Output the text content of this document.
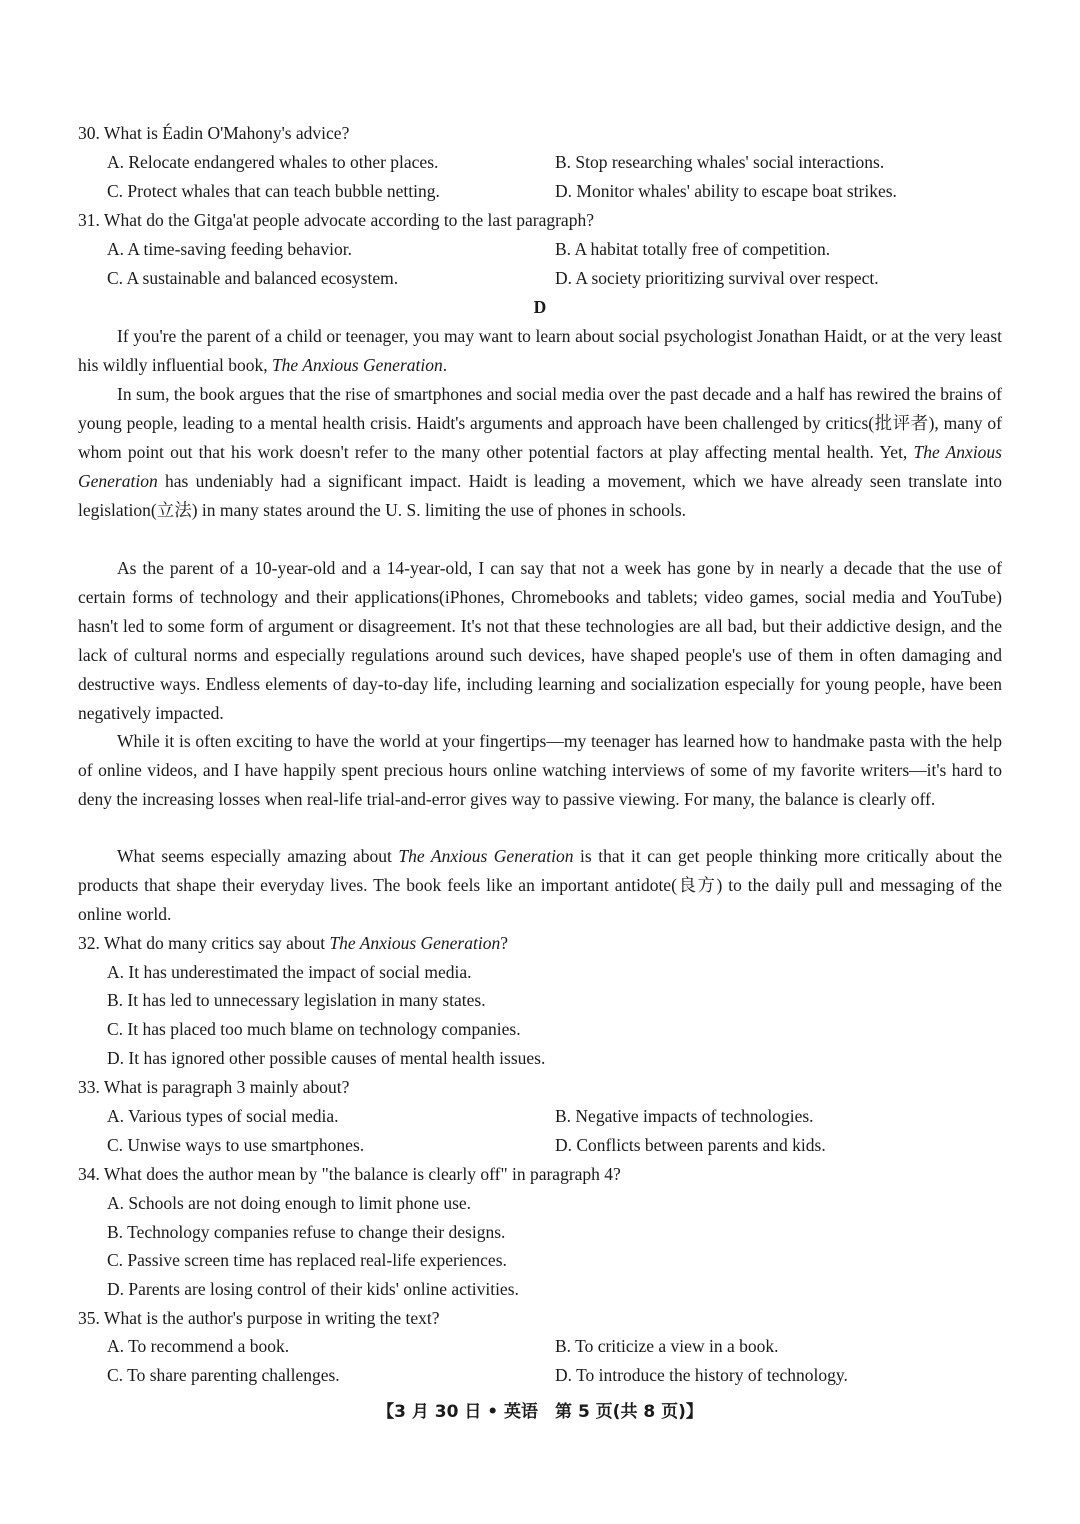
30. What is Éadin O'Mahony's advice?
A. Relocate endangered whales to other places.	B. Stop researching whales' social interactions.
C. Protect whales that can teach bubble netting.	D. Monitor whales' ability to escape boat strikes.
31. What do the Gitga'at people advocate according to the last paragraph?
A. A time-saving feeding behavior.	B. A habitat totally free of competition.
C. A sustainable and balanced ecosystem.	D. A society prioritizing survival over respect.
D
If you're the parent of a child or teenager, you may want to learn about social psychologist Jonathan Haidt, or at the very least his wildly influential book, The Anxious Generation.
In sum, the book argues that the rise of smartphones and social media over the past decade and a half has rewired the brains of young people, leading to a mental health crisis. Haidt's arguments and approach have been challenged by critics(批评者), many of whom point out that his work doesn't refer to the many other potential factors at play affecting mental health. Yet, The Anxious Generation has undeniably had a significant impact. Haidt is leading a movement, which we have already seen translate into legislation(立法) in many states around the U. S. limiting the use of phones in schools.
As the parent of a 10-year-old and a 14-year-old, I can say that not a week has gone by in nearly a decade that the use of certain forms of technology and their applications(iPhones, Chromebooks and tablets; video games, social media and YouTube) hasn't led to some form of argument or disagreement. It's not that these technologies are all bad, but their addictive design, and the lack of cultural norms and especially regulations around such devices, have shaped people's use of them in often damaging and destructive ways. Endless elements of day-to-day life, including learning and socialization especially for young people, have been negatively impacted.
While it is often exciting to have the world at your fingertips—my teenager has learned how to handmake pasta with the help of online videos, and I have happily spent precious hours online watching interviews of some of my favorite writers—it's hard to deny the increasing losses when real-life trial-and-error gives way to passive viewing. For many, the balance is clearly off.
What seems especially amazing about The Anxious Generation is that it can get people thinking more critically about the products that shape their everyday lives. The book feels like an important antidote(良方) to the daily pull and messaging of the online world.
32. What do many critics say about The Anxious Generation?
A. It has underestimated the impact of social media.
B. It has led to unnecessary legislation in many states.
C. It has placed too much blame on technology companies.
D. It has ignored other possible causes of mental health issues.
33. What is paragraph 3 mainly about?
A. Various types of social media.	B. Negative impacts of technologies.
C. Unwise ways to use smartphones.	D. Conflicts between parents and kids.
34. What does the author mean by "the balance is clearly off" in paragraph 4?
A. Schools are not doing enough to limit phone use.
B. Technology companies refuse to change their designs.
C. Passive screen time has replaced real-life experiences.
D. Parents are losing control of their kids' online activities.
35. What is the author's purpose in writing the text?
A. To recommend a book.	B. To criticize a view in a book.
C. To share parenting challenges.	D. To introduce the history of technology.
【3 月 30 日 • 英语　第 5 页(共 8 页)】
